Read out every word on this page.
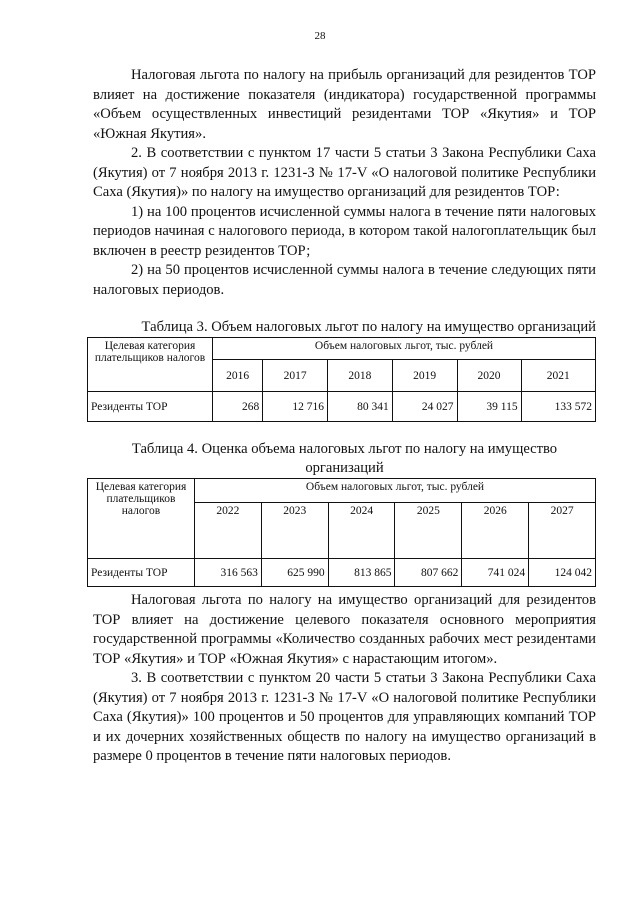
28

Налоговая льгота по налогу на прибыль организаций для резидентов ТОР влияет на достижение показателя (индикатора) государственной программы «Объем осуществленных инвестиций резидентами ТОР «Якутия» и ТОР «Южная Якутия».

2. В соответствии с пунктом 17 части 5 статьи 3 Закона Республики Саха (Якутия) от 7 ноября 2013 г. 1231-З № 17-V «О налоговой политике Республики Саха (Якутия)» по налогу на имущество организаций для резидентов ТОР:

1) на 100 процентов исчисленной суммы налога в течение пяти налоговых периодов начиная с налогового периода, в котором такой налогоплательщик был включен в реестр резидентов ТОР;

2) на 50 процентов исчисленной суммы налога в течение следующих пяти налоговых периодов.

Таблица 3. Объем налоговых льгот по налогу на имущество организаций
Целевая категория плательщиков налогов	Объем налоговых льгот, тыс. рублей					
	2016	2017	2018	2019	2020	2021
Резиденты ТОР	268	12 716	80 341	24 027	39 115	133 572
Таблица 4. Оценка объема налоговых льгот по налогу на имущество организаций
Целевая категория плательщиков налогов	Объем налоговых льгот, тыс. рублей					
	2022	2023	2024	2025	2026	2027
Резиденты ТОР	316 563	625 990	813 865	807 662	741 024	124 042

Налоговая льгота по налогу на имущество организаций для резидентов ТОР влияет на достижение целевого показателя основного мероприятия государственной программы «Количество созданных рабочих мест резидентами ТОР «Якутия» и ТОР «Южная Якутия» с нарастающим итогом».

3. В соответствии с пунктом 20 части 5 статьи 3 Закона Республики Саха (Якутия) от 7 ноября 2013 г. 1231-З № 17-V «О налоговой политике Республики Саха (Якутия)» 100 процентов и 50 процентов для управляющих компаний ТОР и их дочерних хозяйственных обществ по налогу на имущество организаций в размере 0 процентов в течение пяти налоговых периодов.
